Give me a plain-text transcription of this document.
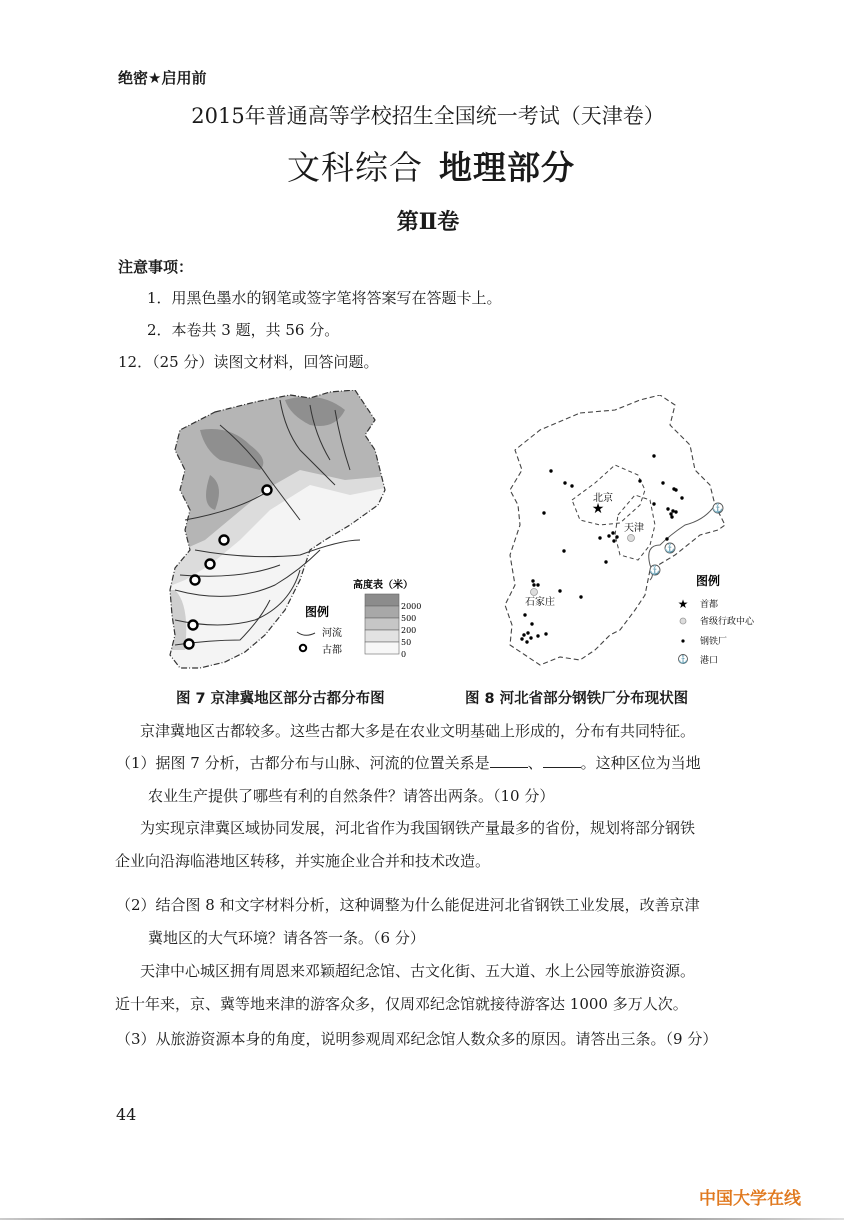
绝密★启用前
2015年普通高等学校招生全国统一考试（天津卷）
文科综合 地理部分
第Ⅱ卷
注意事项：
1．用黑色墨水的钢笔或签字笔将答案写在答题卡上。
2．本卷共 3 题，共 56 分。
12．（25 分）读图文材料，回答问题。
图例
河流
古都
高度表（米）
2000
500
200
50
0
北京
天津
石家庄
★	⚓
⚓
⚓
图例
★ 首都
省级行政中心
钢铁厂
⚓ 港口
图 7 京津冀地区部分古都分布图	图 8 河北省部分钢铁厂分布现状图
京津冀地区古都较多。这些古都大多是在农业文明基础上形成的，分布有共同特征。
（1）据图 7 分析，古都分布与山脉、河流的位置关系是	、	。这种区位为当地
农业生产提供了哪些有利的自然条件？请答出两条。（10 分）
为实现京津冀区域协同发展，河北省作为我国钢铁产量最多的省份，规划将部分钢铁
企业向沿海临港地区转移，并实施企业合并和技术改造。
（2）结合图 8 和文字材料分析，这种调整为什么能促进河北省钢铁工业发展，改善京津
冀地区的大气环境？请各答一条。（6 分）
天津中心城区拥有周恩来邓颖超纪念馆、古文化街、五大道、水上公园等旅游资源。
近十年来，京、冀等地来津的游客众多，仅周邓纪念馆就接待游客达 1000 多万人次。
（3）从旅游资源本身的角度，说明参观周邓纪念馆人数众多的原因。请答出三条。（9 分）
44
中国大学在线
